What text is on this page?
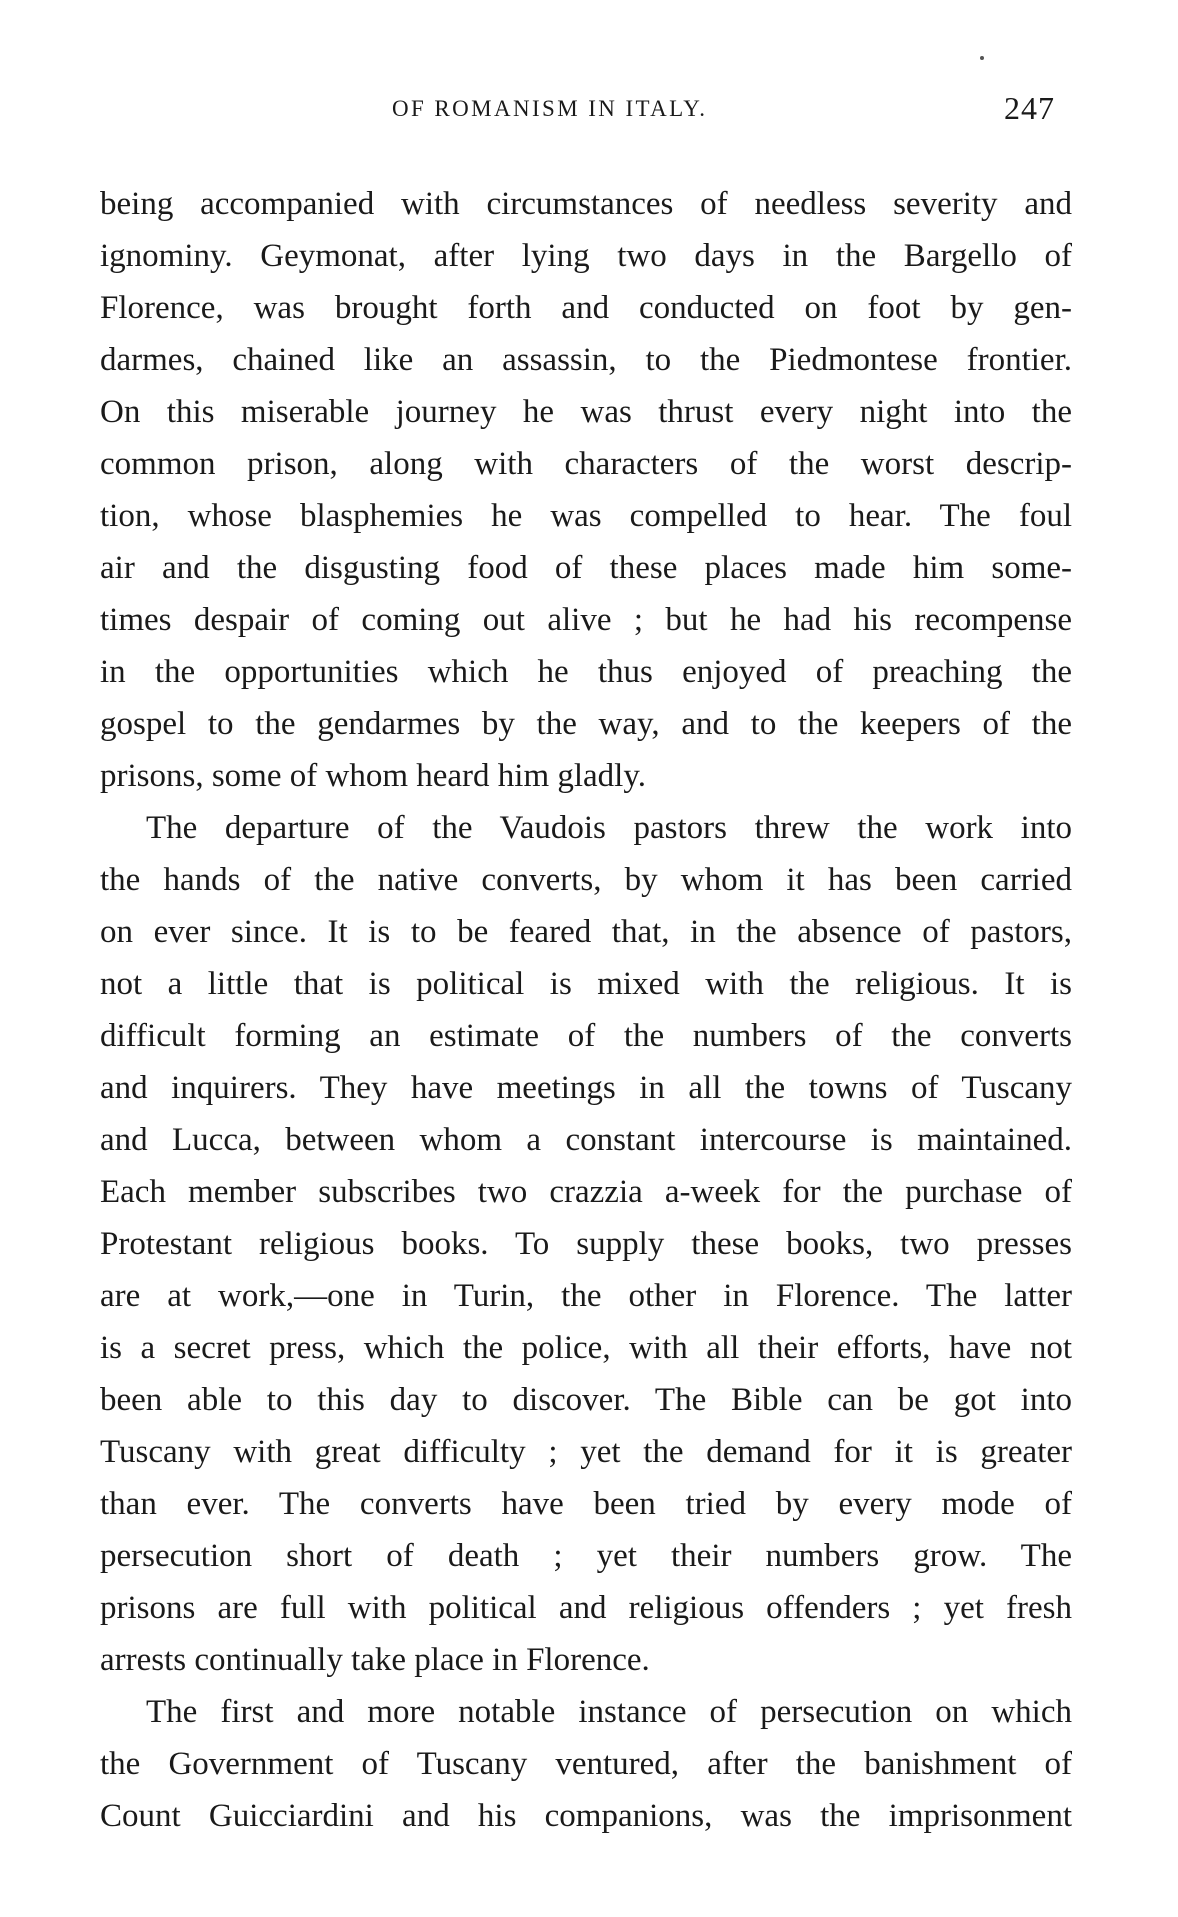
OF ROMANISM IN ITALY.	247
being accompanied with circumstances of needless severity and
ignominy. Geymonat, after lying two days in the Bargello of
Florence, was brought forth and conducted on foot by gen-
darmes, chained like an assassin, to the Piedmontese frontier.
On this miserable journey he was thrust every night into the
common prison, along with characters of the worst descrip-
tion, whose blasphemies he was compelled to hear. The foul
air and the disgusting food of these places made him some-
times despair of coming out alive ; but he had his recompense
in the opportunities which he thus enjoyed of preaching the
gospel to the gendarmes by the way, and to the keepers of the
prisons, some of whom heard him gladly.
The departure of the Vaudois pastors threw the work into
the hands of the native converts, by whom it has been carried
on ever since. It is to be feared that, in the absence of pastors,
not a little that is political is mixed with the religious. It is
difficult forming an estimate of the numbers of the converts
and inquirers. They have meetings in all the towns of Tuscany
and Lucca, between whom a constant intercourse is maintained.
Each member subscribes two crazzia a-week for the purchase of
Protestant religious books. To supply these books, two presses
are at work,—one in Turin, the other in Florence. The latter
is a secret press, which the police, with all their efforts, have not
been able to this day to discover. The Bible can be got into
Tuscany with great difficulty ; yet the demand for it is greater
than ever. The converts have been tried by every mode of
persecution short of death ; yet their numbers grow. The
prisons are full with political and religious offenders ; yet fresh
arrests continually take place in Florence.
The first and more notable instance of persecution on which
the Government of Tuscany ventured, after the banishment of
Count Guicciardini and his companions, was the imprisonment
